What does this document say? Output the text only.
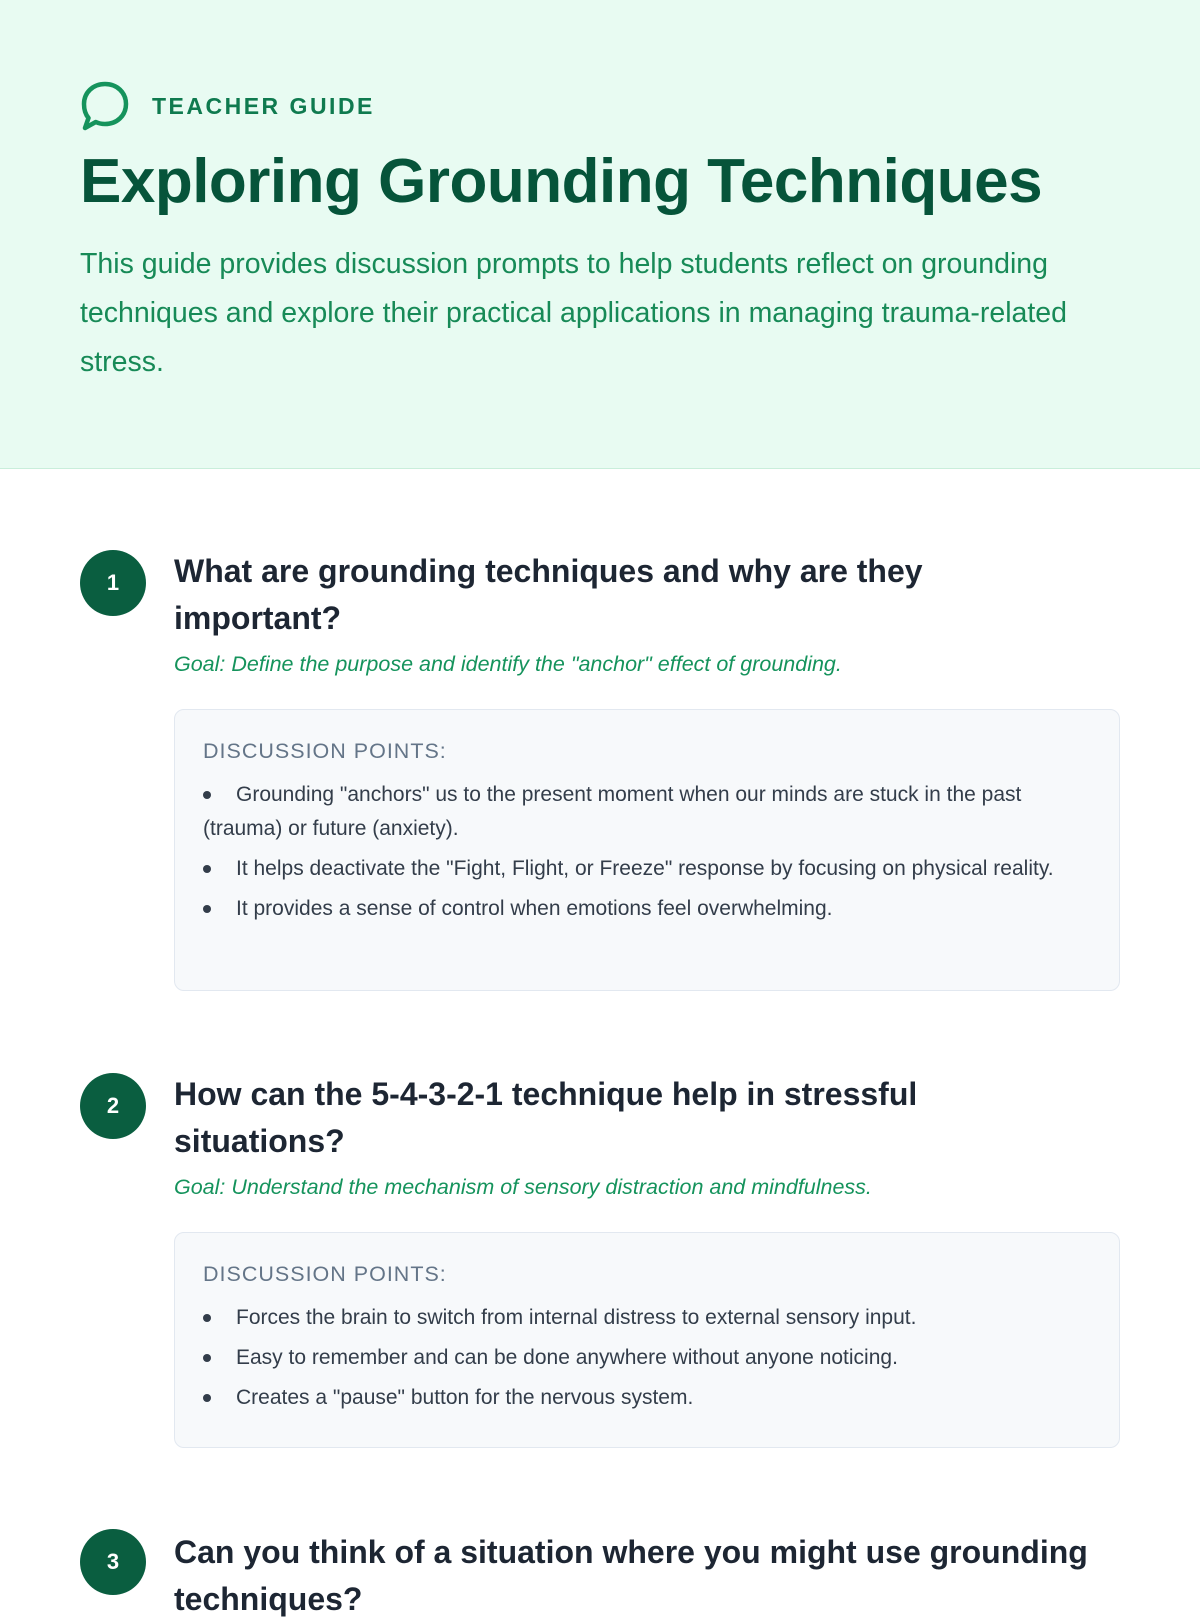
TEACHER GUIDE
Exploring Grounding Techniques

This guide provides discussion prompts to help students reflect on grounding techniques and explore their practical applications in managing trauma-related stress.

1	What are grounding techniques and why are they important?

Goal: Define the purpose and identify the "anchor" effect of grounding.

DISCUSSION POINTS:

Grounding "anchors" us to the present moment when our minds are stuck in the past (trauma) or future (anxiety).
It helps deactivate the "Fight, Flight, or Freeze" response by focusing on physical reality.
It provides a sense of control when emotions feel overwhelming.
2	How can the 5-4-3-2-1 technique help in stressful situations?

Goal: Understand the mechanism of sensory distraction and mindfulness.

DISCUSSION POINTS:

Forces the brain to switch from internal distress to external sensory input.
Easy to remember and can be done anywhere without anyone noticing.
Creates a "pause" button for the nervous system.
3	Can you think of a situation where you might use grounding techniques?
